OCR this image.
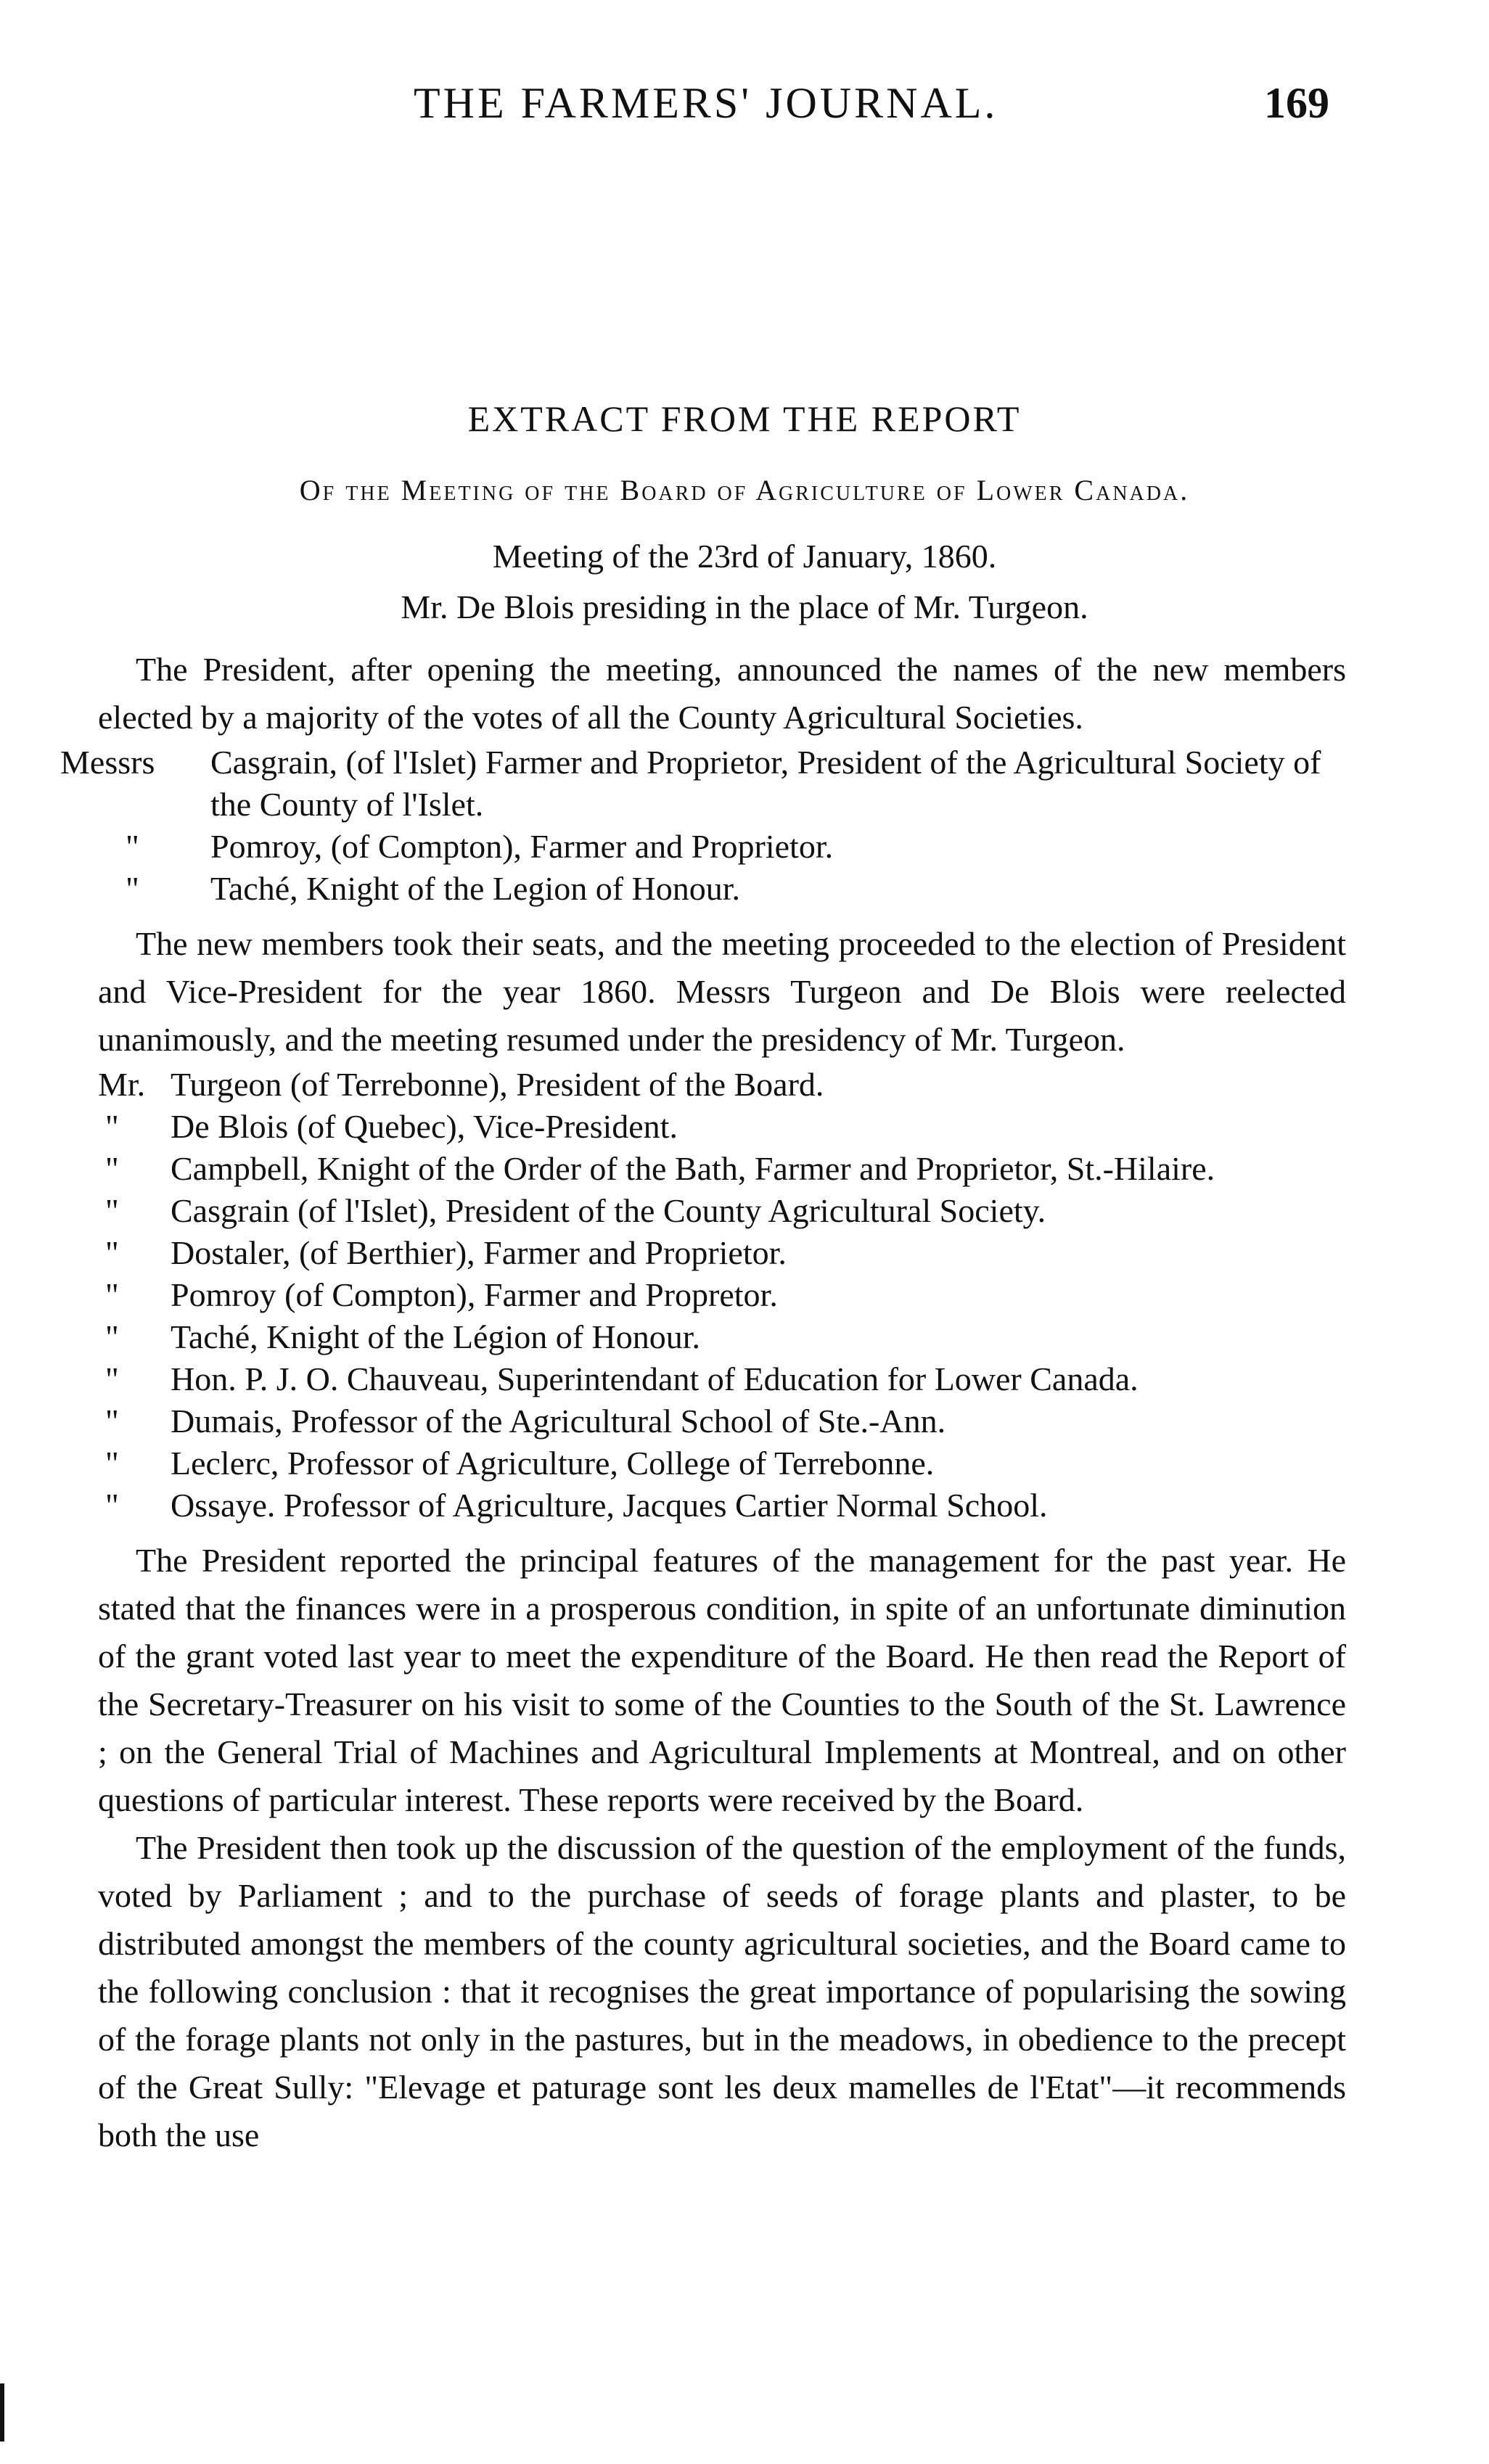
THE FARMERS' JOURNAL.	169
EXTRACT FROM THE REPORT
Of the Meeting of the Board of Agriculture of Lower Canada.
Meeting of the 23rd of January, 1860.
Mr. De Blois presiding in the place of Mr. Turgeon.

The President, after opening the meeting, announced the names of the new members elected by a majority of the votes of all the County Agricultural Societies.

Messrs Casgrain, (of l'Islet) Farmer and Proprietor, President of the Agricultural Society of the County of l'Islet.
" Pomroy, (of Compton), Farmer and Proprietor.
" Taché, Knight of the Legion of Honour.

The new members took their seats, and the meeting proceeded to the election of President and Vice-President for the year 1860. Messrs Turgeon and De Blois were reelected unanimously, and the meeting resumed under the presidency of Mr. Turgeon.

Mr. Turgeon (of Terrebonne), President of the Board.
" De Blois (of Quebec), Vice-President.
" Campbell, Knight of the Order of the Bath, Farmer and Proprietor, St.-Hilaire.
" Casgrain (of l'Islet), President of the County Agricultural Society.
" Dostaler, (of Berthier), Farmer and Proprietor.
" Pomroy (of Compton), Farmer and Propretor.
" Taché, Knight of the Légion of Honour.
" Hon. P. J. O. Chauveau, Superintendant of Education for Lower Canada.
" Dumais, Professor of the Agricultural School of Ste.-Ann.
" Leclerc, Professor of Agriculture, College of Terrebonne.
" Ossaye. Professor of Agriculture, Jacques Cartier Normal School.

The President reported the principal features of the management for the past year. He stated that the finances were in a prosperous condition, in spite of an unfortunate diminution of the grant voted last year to meet the expenditure of the Board. He then read the Report of the Secretary-Treasurer on his visit to some of the Counties to the South of the St. Lawrence ; on the General Trial of Machines and Agricultural Implements at Montreal, and on other questions of particular interest. These reports were received by the Board.

The President then took up the discussion of the question of the employment of the funds, voted by Parliament ; and to the purchase of seeds of forage plants and plaster, to be distributed amongst the members of the county agricultural societies, and the Board came to the following conclusion : that it recognises the great importance of popularising the sowing of the forage plants not only in the pastures, but in the meadows, in obedience to the precept of the Great Sully: "Elevage et paturage sont les deux mamelles de l'Etat"—it recommends both the use
